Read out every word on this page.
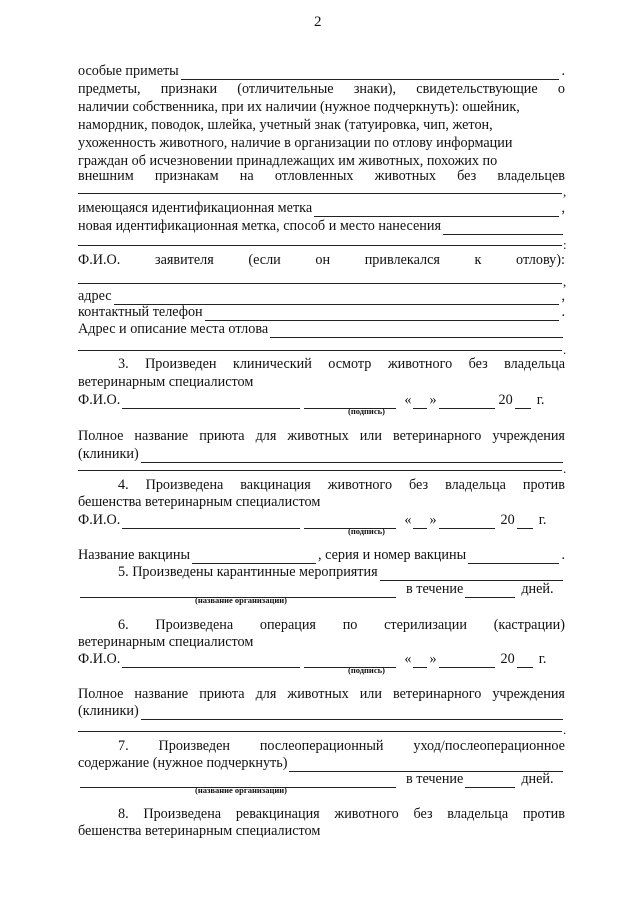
2
особые приметы	.
предметы, признаки (отличительные знаки), свидетельствующие о
наличии собственника, при их наличии (нужное подчеркнуть): ошейник,
намордник, поводок, шлейка, учетный знак (татуировка, чип, жетон,
ухоженность животного, наличие в организации по отлову информации
граждан об исчезновении принадлежащих им животных, похожих по
внешним признакам на отловленных животных без владельцев
,
имеющаяся идентификационная метка	,
новая идентификационная метка, способ и место нанесения
:
Ф.И.О. заявителя (если он привлекался к отлову):
,
адрес	,
контактный телефон	.
Адрес и описание места отлова
.
3. Произведен клинический осмотр животного без владельца
ветеринарным специалистом
Ф.И.О.	« »	20 г.
(подпись)
Полное название приюта для животных или ветеринарного учреждения
(клиники)
.
4. Произведена вакцинация животного без владельца против
бешенства ветеринарным специалистом
Ф.И.О.	« »	20 г.
(подпись)
Название вакцины	, серия и номер вакцины	.
5. Произведены карантинные мероприятия
в течение	дней.
(название организации)
6. Произведена операция по стерилизации (кастрации)
ветеринарным специалистом
Ф.И.О.	« »	20 г.
(подпись)
Полное название приюта для животных или ветеринарного учреждения
(клиники)
.
7. Произведен послеоперационный уход/послеоперационное
содержание (нужное подчеркнуть)
в течение	дней.
(название организации)
8. Произведена ревакцинация животного без владельца против
бешенства ветеринарным специалистом
